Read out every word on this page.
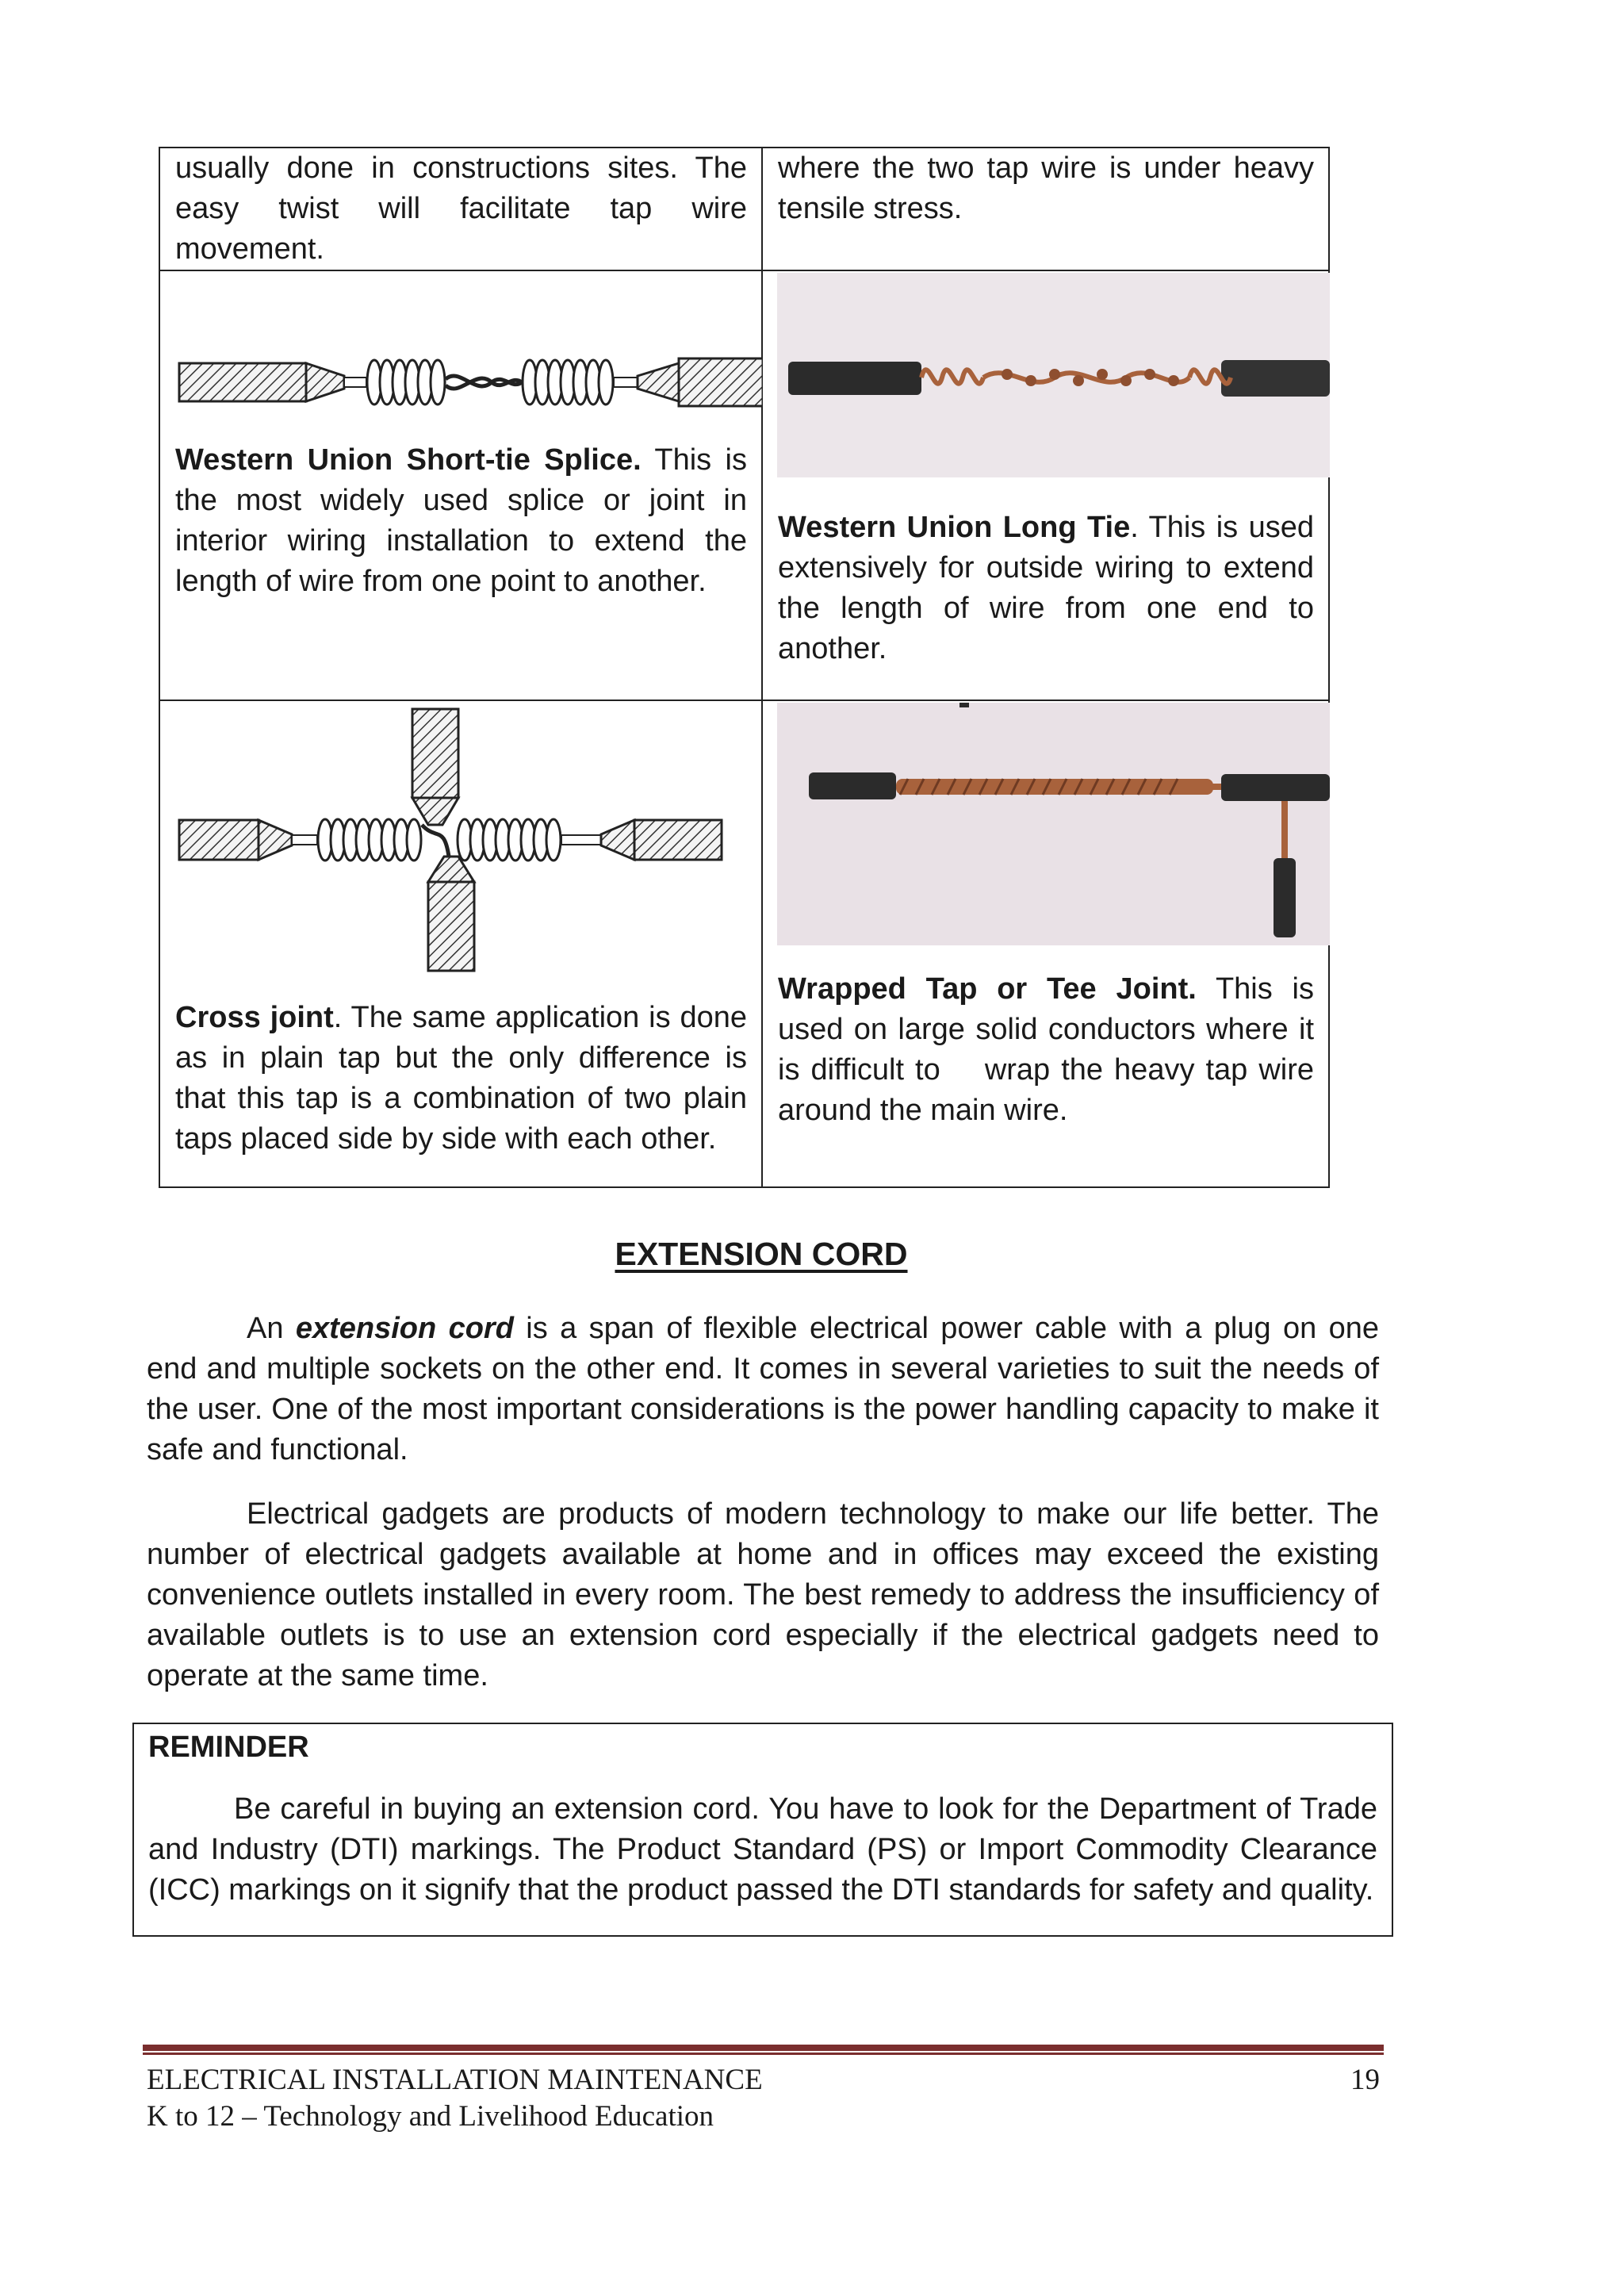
usually done in constructions sites. The easy twist will facilitate tap wire movement.	where the two tap wire is under heavy tensile stress.

Western Union Short-tie Splice. This is the most widely used splice or joint in interior wiring installation to extend the length of wire from one point to another.	Western Union Long Tie. This is used extensively for outside wiring to extend the length of wire from one end to another.

Cross joint. The same application is done as in plain tap but the only difference is that this tap is a combination of two plain taps placed side by side with each other.	Wrapped Tap or Tee Joint. This is used on large solid conductors where it is difficult to    wrap the heavy tap wire around the main wire.
EXTENSION CORD

An extension cord is a span of flexible electrical power cable with a plug on one end and multiple sockets on the other end. It comes in several varieties to suit the needs of the user. One of the most important considerations is the power handling capacity to make it safe and functional.

Electrical gadgets are products of modern technology to make our life better. The number of electrical gadgets available at home and in offices may exceed the existing convenience outlets installed in every room. The best remedy to address the insufficiency of available outlets is to use an extension cord especially if the electrical gadgets need to operate at the same time.

REMINDER

Be careful in buying an extension cord. You have to look for the Department of Trade and Industry (DTI) markings. The Product Standard (PS) or Import Commodity Clearance (ICC) markings on it signify that the product passed the DTI standards for safety and quality.

ELECTRICAL INSTALLATION MAINTENANCE	19
K to 12 – Technology and Livelihood Education
